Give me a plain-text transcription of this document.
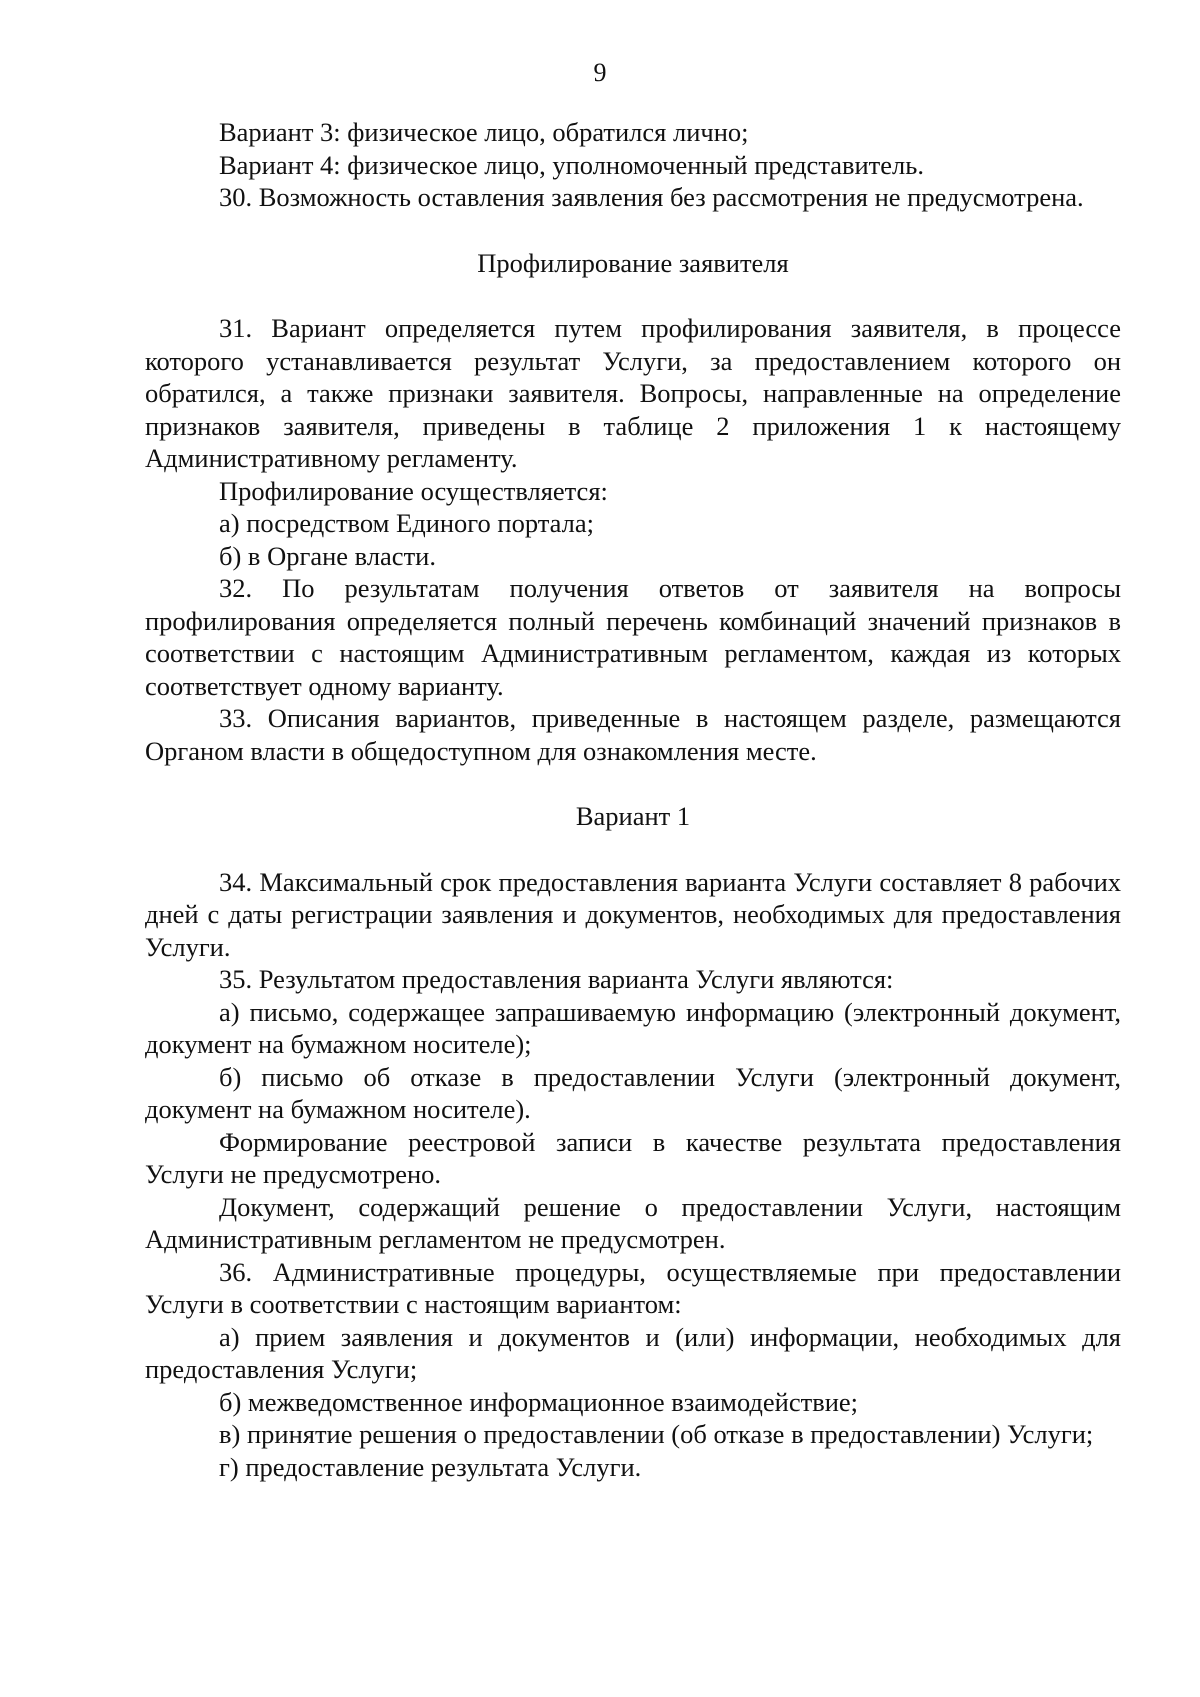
9

Вариант 3: физическое лицо, обратился лично;

Вариант 4: физическое лицо, уполномоченный представитель.

30. Возможность оставления заявления без рассмотрения не предусмотрена.

Профилирование заявителя

31. Вариант определяется путем профилирования заявителя, в процессе которого устанавливается результат Услуги, за предоставлением которого он обратился, а также признаки заявителя. Вопросы, направленные на определение признаков заявителя, приведены в таблице 2 приложения 1 к настоящему Административному регламенту.

Профилирование осуществляется:

а) посредством Единого портала;

б) в Органе власти.

32. По результатам получения ответов от заявителя на вопросы профилирования определяется полный перечень комбинаций значений признаков в соответствии с настоящим Административным регламентом, каждая из которых соответствует одному варианту.

33. Описания вариантов, приведенные в настоящем разделе, размещаются Органом власти в общедоступном для ознакомления месте.

Вариант 1

34. Максимальный срок предоставления варианта Услуги составляет 8 рабочих дней с даты регистрации заявления и документов, необходимых для предоставления Услуги.

35. Результатом предоставления варианта Услуги являются:

а) письмо, содержащее запрашиваемую информацию (электронный документ, документ на бумажном носителе);

б) письмо об отказе в предоставлении Услуги (электронный документ, документ на бумажном носителе).

Формирование реестровой записи в качестве результата предоставления Услуги не предусмотрено.

Документ, содержащий решение о предоставлении Услуги, настоящим Административным регламентом не предусмотрен.

36. Административные процедуры, осуществляемые при предоставлении Услуги в соответствии с настоящим вариантом:

а) прием заявления и документов и (или) информации, необходимых для предоставления Услуги;

б) межведомственное информационное взаимодействие;

в) принятие решения о предоставлении (об отказе в предоставлении) Услуги;

г) предоставление результата Услуги.
